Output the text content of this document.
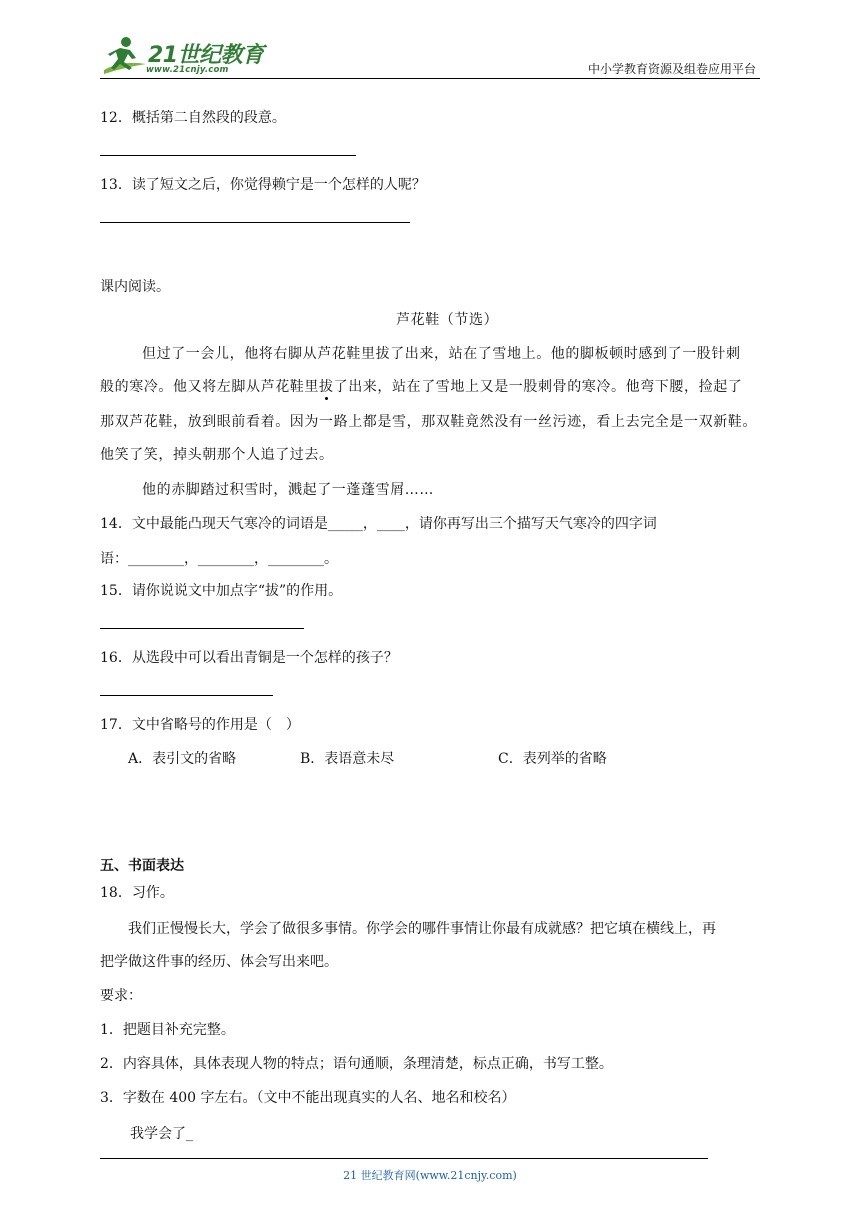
21世纪教育
www.21cnjy.com	中小学教育资源及组卷应用平台
12．概括第二自然段的段意。
13．读了短文之后，你觉得赖宁是一个怎样的人呢？
课内阅读。
芦花鞋（节选）
但过了一会儿，他将右脚从芦花鞋里拔了出来，站在了雪地上。他的脚板顿时感到了一股针刺
般的寒冷。他又将左脚从芦花鞋里拔了出来，站在了雪地上又是一股刺骨的寒冷。他弯下腰，捡起了
那双芦花鞋，放到眼前看着。因为一路上都是雪，那双鞋竟然没有一丝污迹，看上去完全是一双新鞋。
他笑了笑，掉头朝那个人追了过去。
他的赤脚踏过积雪时，溅起了一蓬蓬雪屑……
14．文中最能凸现天气寒冷的词语是_____，____，请你再写出三个描写天气寒冷的四字词
语：________，________，________。
15．请你说说文中加点字“拔”的作用。
16．从选段中可以看出青铜是一个怎样的孩子？
17．文中省略号的作用是（　）
A．表引文的省略	B．表语意未尽	C．表列举的省略
五、书面表达
18．习作。
我们正慢慢长大，学会了做很多事情。你学会的哪件事情让你最有成就感？把它填在横线上，再
把学做这件事的经历、体会写出来吧。
要求：
1．把题目补充完整。
2．内容具体，具体表现人物的特点；语句通顺，条理清楚，标点正确，书写工整。
3．字数在 400 字左右。（文中不能出现真实的人名、地名和校名）
我学会了_
21 世纪教育网(www.21cnjy.com)
